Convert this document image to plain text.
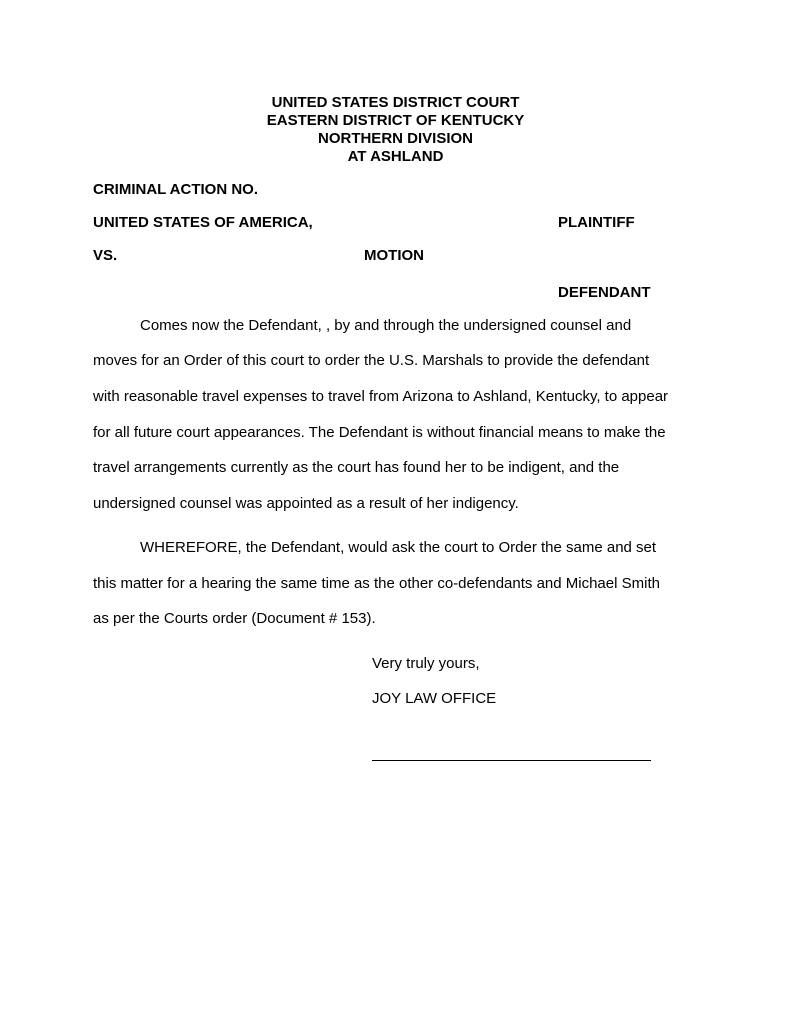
UNITED STATES DISTRICT COURT
EASTERN DISTRICT OF KENTUCKY
NORTHERN DIVISION
AT ASHLAND
CRIMINAL ACTION NO.
UNITED STATES OF AMERICA,	PLAINTIFF
VS.	MOTION
DEFENDANT
Comes now the Defendant, , by and through the undersigned counsel and
moves for an Order of this court to order the U.S. Marshals to provide the defendant
with reasonable travel expenses to travel from Arizona to Ashland, Kentucky, to appear
for all future court appearances. The Defendant is without financial means to make the
travel arrangements currently as the court has found her to be indigent, and the
undersigned counsel was appointed as a result of her indigency.
WHEREFORE, the Defendant, would ask the court to Order the same and set
this matter for a hearing the same time as the other co-defendants and Michael Smith
as per the Courts order (Document # 153).
Very truly yours,
JOY LAW OFFICE
